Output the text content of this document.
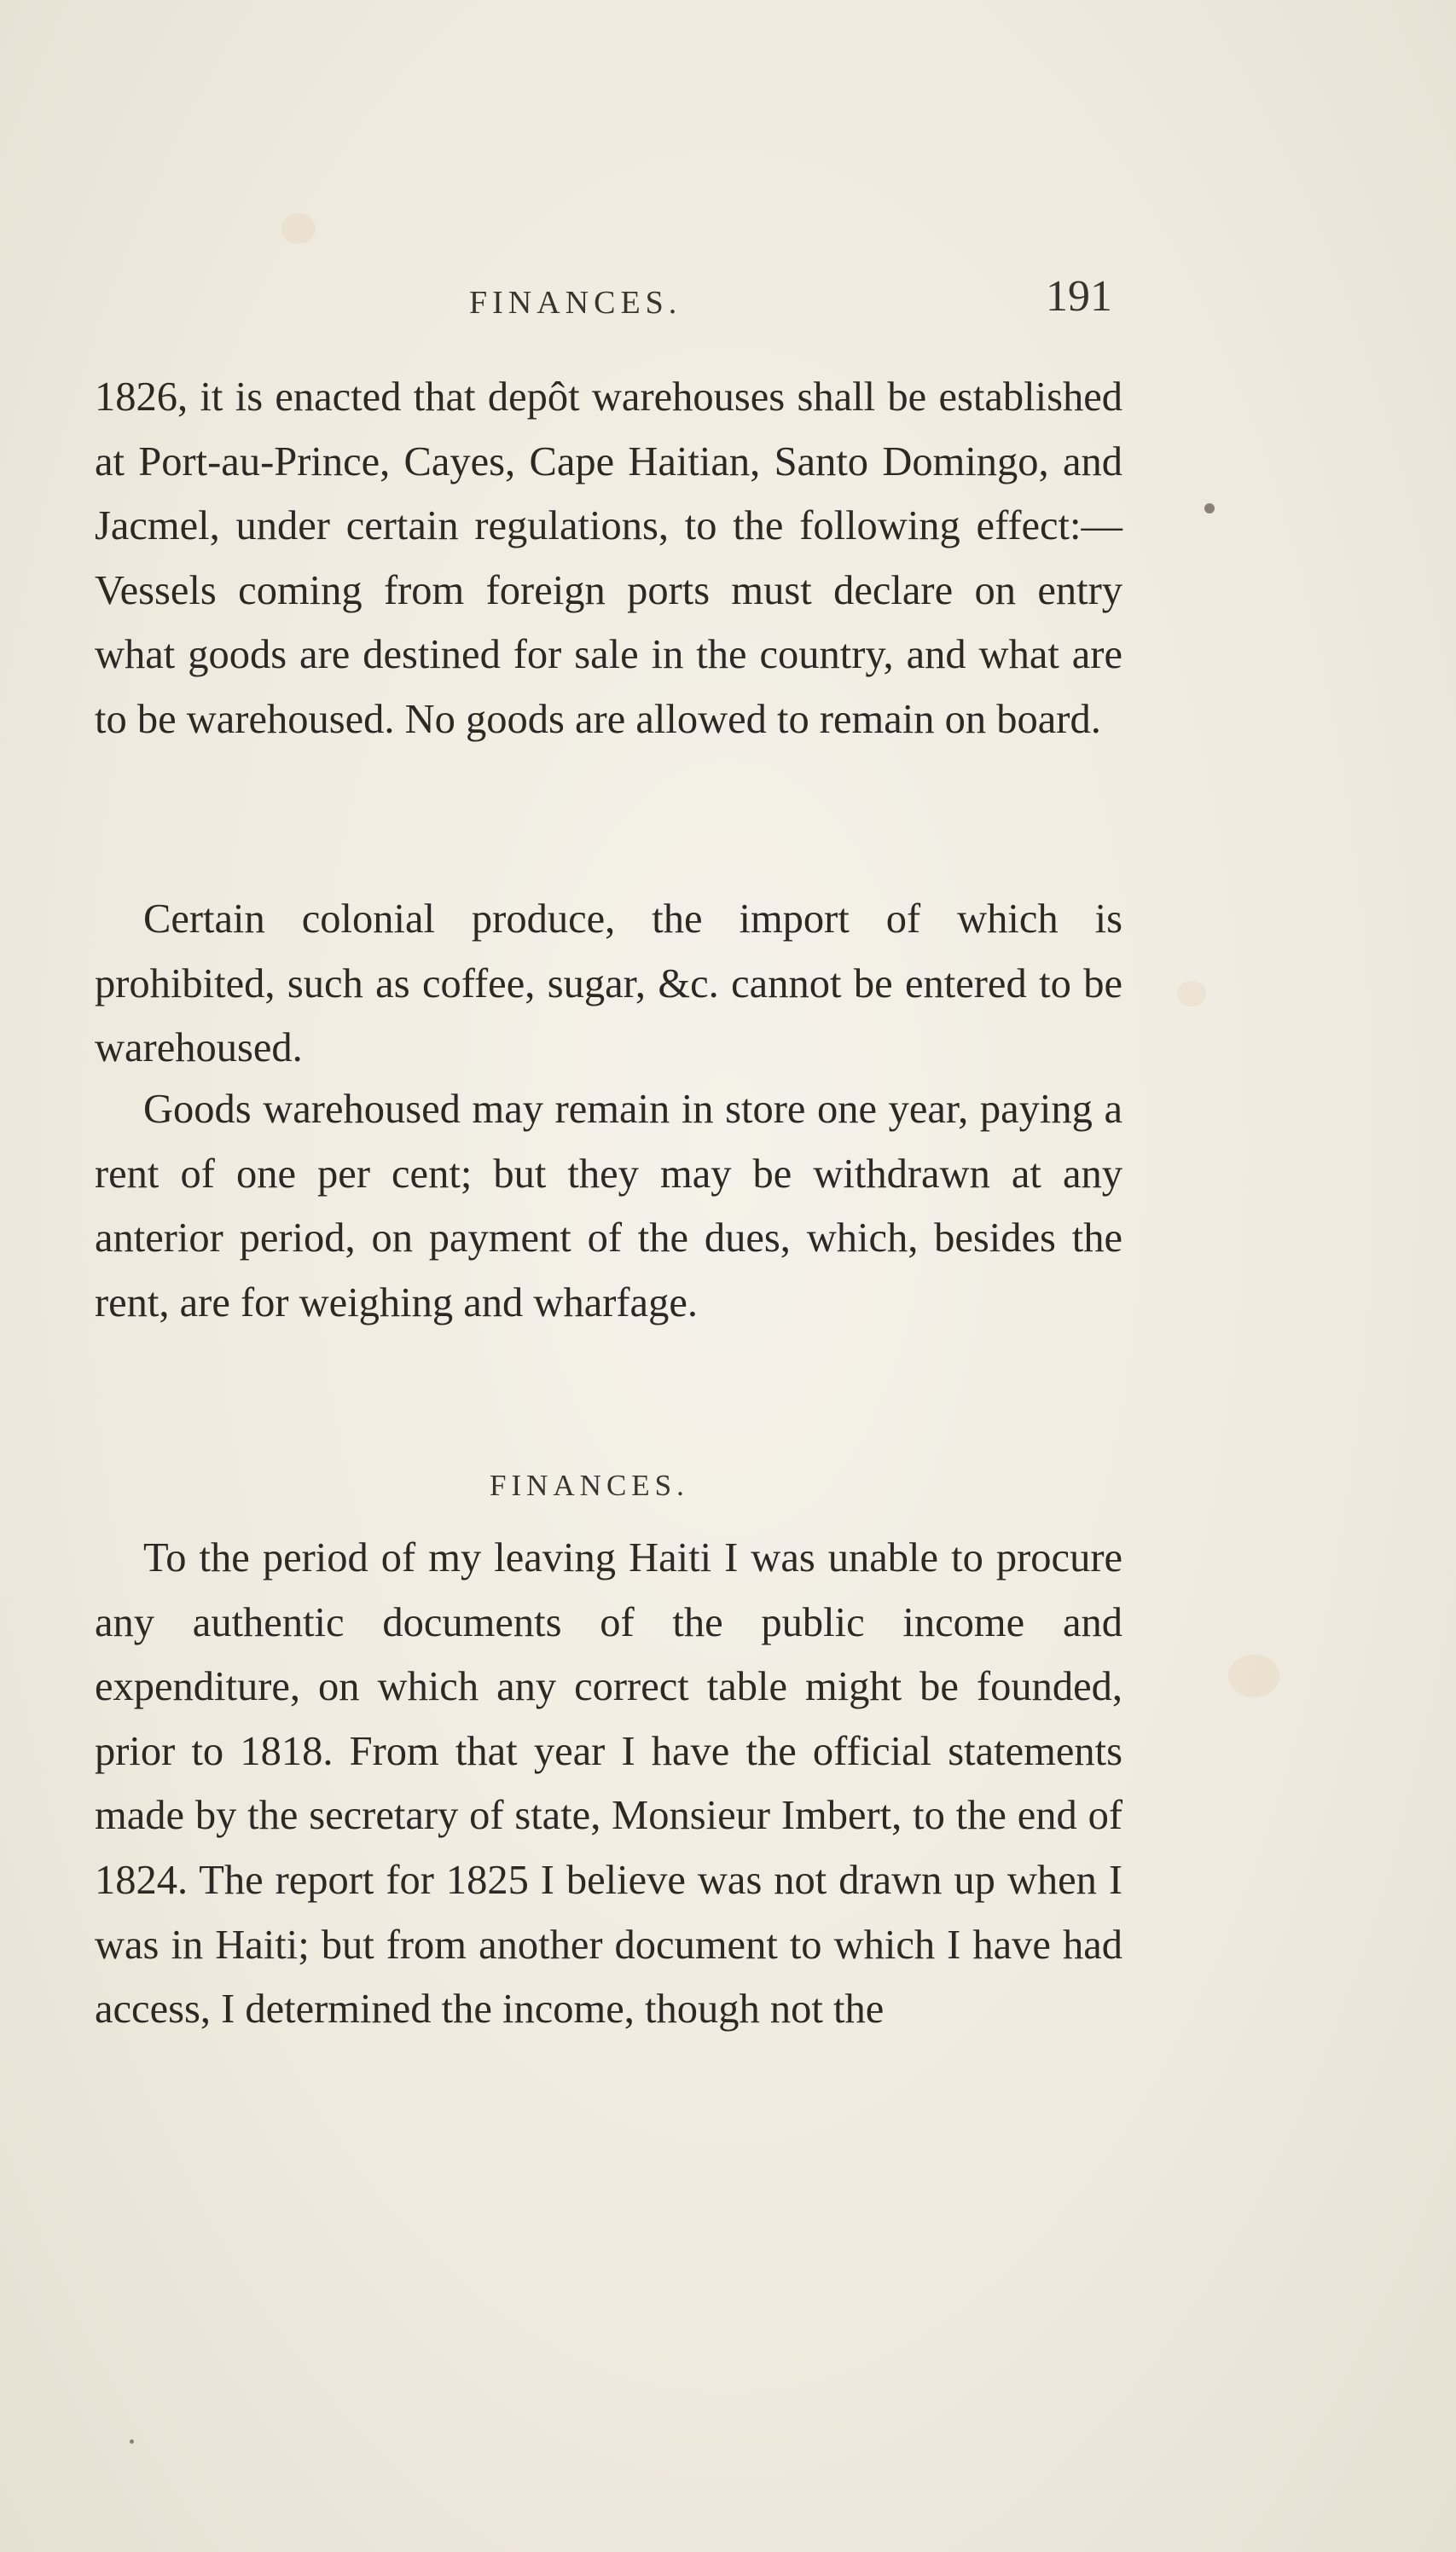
FINANCES.	191

1826, it is enacted that depôt warehouses shall be established at Port-au-Prince, Cayes, Cape Haitian, Santo Domingo, and Jacmel, under certain regulations, to the following effect:— Vessels coming from foreign ports must declare on entry what goods are destined for sale in the country, and what are to be warehoused. No goods are allowed to remain on board.

Certain colonial produce, the import of which is prohibited, such as coffee, sugar, &c. cannot be entered to be warehoused.

Goods warehoused may remain in store one year, paying a rent of one per cent; but they may be withdrawn at any anterior period, on payment of the dues, which, besides the rent, are for weighing and wharfage.

FINANCES.

To the period of my leaving Haiti I was unable to procure any authentic documents of the public income and expenditure, on which any correct table might be founded, prior to 1818. From that year I have the official statements made by the secretary of state, Monsieur Imbert, to the end of 1824. The report for 1825 I believe was not drawn up when I was in Haiti; but from another document to which I have had access, I determined the income, though not the
